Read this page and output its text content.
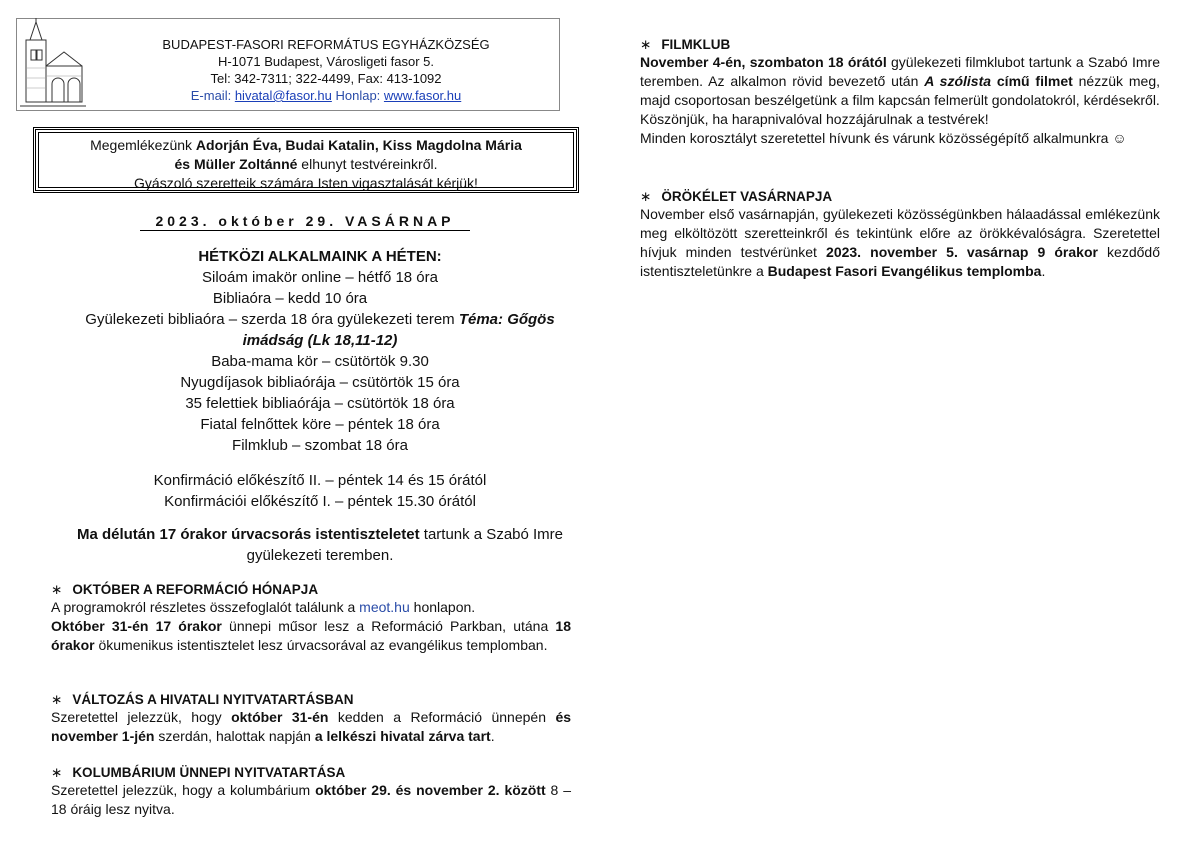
BUDAPEST-FASORI REFORMÁTUS EGYHÁZKÖZSÉG
H-1071 Budapest, Városligeti fasor 5.
Tel: 342-7311; 322-4499, Fax: 413-1092
E-mail: hivatal@fasor.hu Honlap: www.fasor.hu
Megemlékezünk Adorján Éva, Budai Katalin, Kiss Magdolna Mária
és Müller Zoltánné elhunyt testvéreinkről.
Gyászoló szeretteik számára Isten vigasztalását kérjük!
2023. október 29. VASÁRNAP
HÉTKÖZI ALKALMAINK A HÉTEN:
Siloám imakör online – hétfő 18 óra
Bibliaóra – kedd 10 óra
Gyülekezeti bibliaóra – szerda 18 óra gyülekezeti terem Téma: Gőgös
imádság (Lk 18,11-12)
Baba-mama kör – csütörtök 9.30
Nyugdíjasok bibliaórája – csütörtök 15 óra
35 felettiek bibliaórája – csütörtök 18 óra
Fiatal felnőttek köre – péntek 18 óra
Filmklub – szombat 18 óra
Konfirmáció előkészítő II. – péntek 14 és 15 órától
Konfirmációi előkészítő I. – péntek 15.30 órától
Ma délután 17 órakor úrvacsorás istentiszteletet tartunk a Szabó Imre
gyülekezeti teremben.
∗ OKTÓBER A REFORMÁCIÓ HÓNAPJA
A programokról részletes összefoglalót találunk a meot.hu honlapon.
Október 31-én 17 órakor ünnepi műsor lesz a Reformáció Parkban, utána 18 órakor ökumenikus istentisztelet lesz úrvacsorával az evangélikus templomban.
∗ VÁLTOZÁS A HIVATALI NYITVATARTÁSBAN
Szeretettel jelezzük, hogy október 31-én kedden a Reformáció ünnepén és november 1-jén szerdán, halottak napján a lelkészi hivatal zárva tart.
∗ KOLUMBÁRIUM ÜNNEPI NYITVATARTÁSA
Szeretettel jelezzük, hogy a kolumbárium október 29. és november 2. között 8 – 18 óráig lesz nyitva.
∗ FILMKLUB
November 4-én, szombaton 18 órától gyülekezeti filmklubot tartunk a Szabó Imre teremben. Az alkalmon rövid bevezető után A szólista című filmet nézzük meg, majd csoportosan beszélgetünk a film kapcsán felmerült gondolatokról, kérdésekről.
Köszönjük, ha harapnivalóval hozzájárulnak a testvérek!
Minden korosztályt szeretettel hívunk és várunk közösségépítő alkalmunkra ☺
∗ ÖRÖKÉLET VASÁRNAPJA
November első vasárnapján, gyülekezeti közösségünkben hálaadással emlékezünk meg elköltözött szeretteinkről és tekintünk előre az örökkévalóságra. Szeretettel hívjuk minden testvérünket 2023. november 5. vasárnap 9 órakor kezdődő istentiszteletünkre a Budapest Fasori Evangélikus templomba.
